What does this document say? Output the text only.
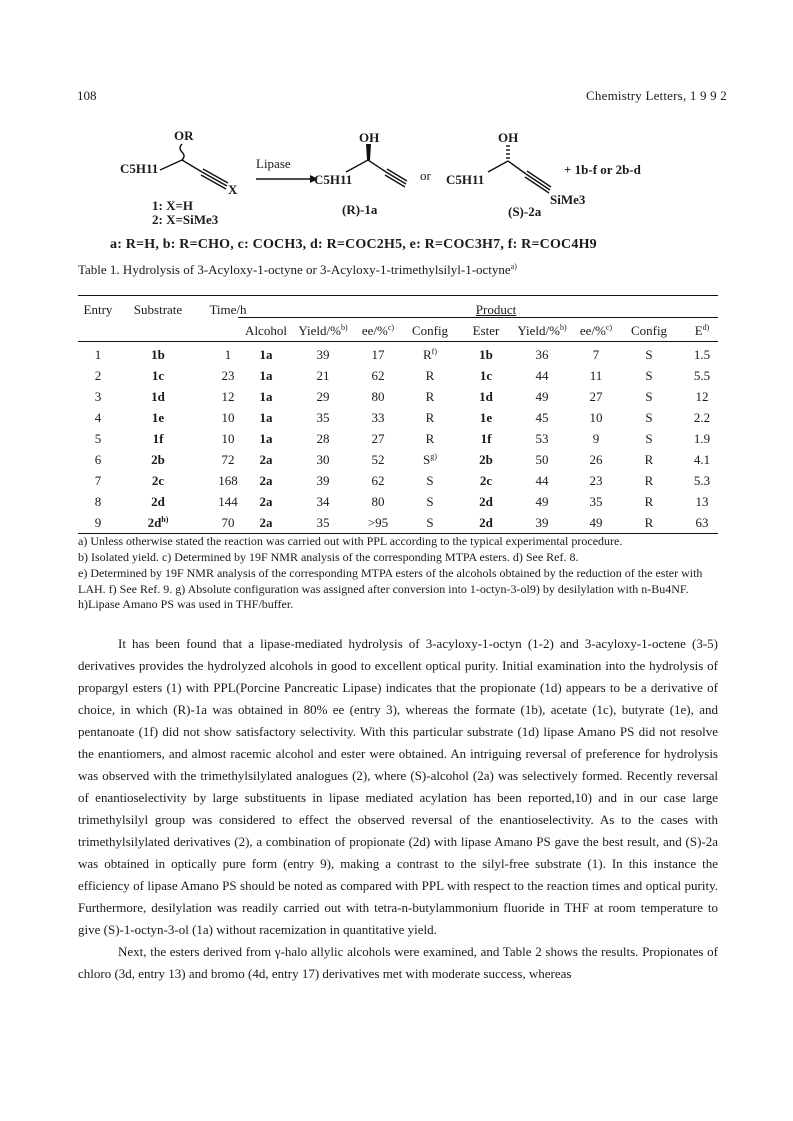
108	Chemistry Letters, 1 9 9 2
OR
C5H11
X
1: X=H
2: X=SiMe3
Lipase
OH
C5H11
(R)-1a
or
OH
C5H11
SiMe3
(S)-2a
+ 1b-f or 2b-d
a: R=H, b: R=CHO, c: COCH3, d: R=COC2H5, e: R=COC3H7, f: R=COC4H9
Table 1. Hydrolysis of 3-Acyloxy-1-octyne or 3-Acyloxy-1-trimethylsilyl-1-octyne$^{a)}$
Entry Substrate Time/h	Product
Alcohol Yield/%$^{b)}$ ee/%$^{c)}$ Config Ester Yield/%$^{b)}$ ee/%$^{c)}$ Config $E^{d)}$
1	1b	1 1a	39	17	$R^{f)}$	1b	36	7	S	1.5
2	1c	23 1a	21	62	R	1c	44	11	S	5.5
3	1d	12 1a	29	80	R	1d	49	27	S	12
4	1e	10 1a	35	33	R	1e	45	10	S	2.2
5	1f	10 1a	28	27	R	1f	53	9	S	1.9
6	2b	72 2a	30	52	$S^{g)}$	2b	50	26	R	4.1
7	2c	168 2a	39	62	S	2c	44	23	R	5.3
8	2d	144 2a	34	80	S	2d	49	35	R	13
9	$2d^{h)}$	70 2a	35	>95	S	2d	39	49	R	63
a) Unless otherwise stated the reaction was carried out with PPL according to the typical experimental procedure.
b) Isolated yield. c) Determined by 19F NMR analysis of the corresponding MTPA esters. d) See Ref. 8.
e) Determined by 19F NMR analysis of the corresponding MTPA esters of the alcohols obtained by the reduction of the ester with LAH. f) See Ref. 9. g) Absolute configuration was assigned after conversion into 1-octyn-3-ol9) by desilylation with n-Bu4NF. h)Lipase Amano PS was used in THF/buffer.

It has been found that a lipase-mediated hydrolysis of 3-acyloxy-1-octyn (1-2) and 3-acyloxy-1-octene (3-5) derivatives provides the hydrolyzed alcohols in good to excellent optical purity. Initial examination into the hydrolysis of propargyl esters (1) with PPL(Porcine Pancreatic Lipase) indicates that the propionate (1d) appears to be a derivative of choice, in which (R)-1a was obtained in 80% ee (entry 3), whereas the formate (1b), acetate (1c), butyrate (1e), and pentanoate (1f) did not show satisfactory selectivity. With this particular substrate (1d) lipase Amano PS did not resolve the enantiomers, and almost racemic alcohol and ester were obtained. An intriguing reversal of preference for hydrolysis was observed with the trimethylsilylated analogues (2), where (S)-alcohol (2a) was selectively formed. Recently reversal of enantioselectivity by large substituents in lipase mediated acylation has been reported,10) and in our case large trimethylsilyl group was considered to effect the observed reversal of the enantioselectivity. As to the cases with trimethylsilylated derivatives (2), a combination of propionate (2d) with lipase Amano PS gave the best result, and (S)-2a was obtained in optically pure form (entry 9), making a contrast to the silyl-free substrate (1). In this instance the efficiency of lipase Amano PS should be noted as compared with PPL with respect to the reaction times and optical purity. Furthermore, desilylation was readily carried out with tetra-n-butylammonium fluoride in THF at room temperature to give (S)-1-octyn-3-ol (1a) without racemization in quantitative yield.

Next, the esters derived from γ-halo allylic alcohols were examined, and Table 2 shows the results. Propionates of chloro (3d, entry 13) and bromo (4d, entry 17) derivatives met with moderate success, whereas
